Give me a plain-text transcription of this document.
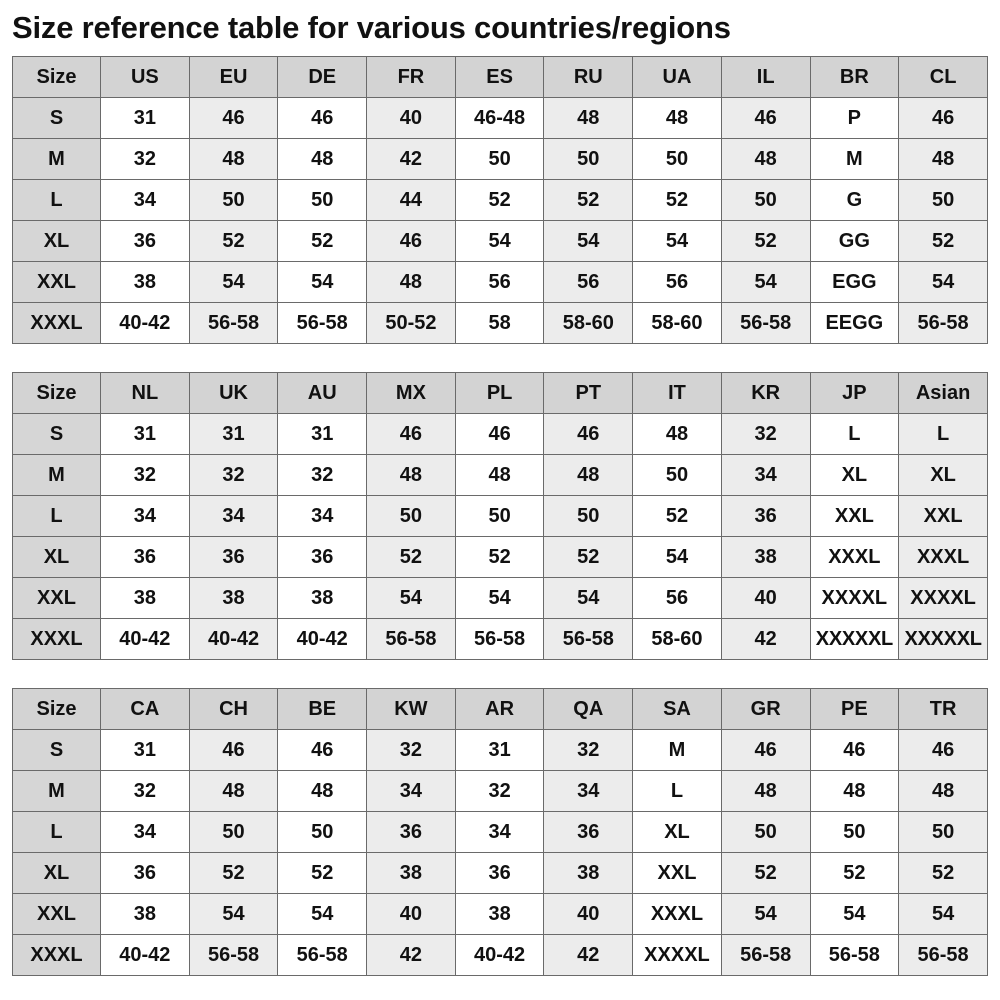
Size reference table for various countries/regions
Size	US	EU	DE	FR	ES	RU	UA	IL	BR	CL
S	31	46	46	40	46-48	48	48	46	P	46
M	32	48	48	42	50	50	50	48	M	48
L	34	50	50	44	52	52	52	50	G	50
XL	36	52	52	46	54	54	54	52	GG	52
XXL	38	54	54	48	56	56	56	54	EGG	54
XXXL	40-42	56-58	56-58	50-52	58	58-60	58-60	56-58	EEGG	56-58
Size	NL	UK	AU	MX	PL	PT	IT	KR	JP	Asian
S	31	31	31	46	46	46	48	32	L	L
M	32	32	32	48	48	48	50	34	XL	XL
L	34	34	34	50	50	50	52	36	XXL	XXL
XL	36	36	36	52	52	52	54	38	XXXL	XXXL
XXL	38	38	38	54	54	54	56	40	XXXXL	XXXXL
XXXL	40-42	40-42	40-42	56-58	56-58	56-58	58-60	42	XXXXXL	XXXXXL
Size	CA	CH	BE	KW	AR	QA	SA	GR	PE	TR
S	31	46	46	32	31	32	M	46	46	46
M	32	48	48	34	32	34	L	48	48	48
L	34	50	50	36	34	36	XL	50	50	50
XL	36	52	52	38	36	38	XXL	52	52	52
XXL	38	54	54	40	38	40	XXXL	54	54	54
XXXL	40-42	56-58	56-58	42	40-42	42	XXXXL	56-58	56-58	56-58
